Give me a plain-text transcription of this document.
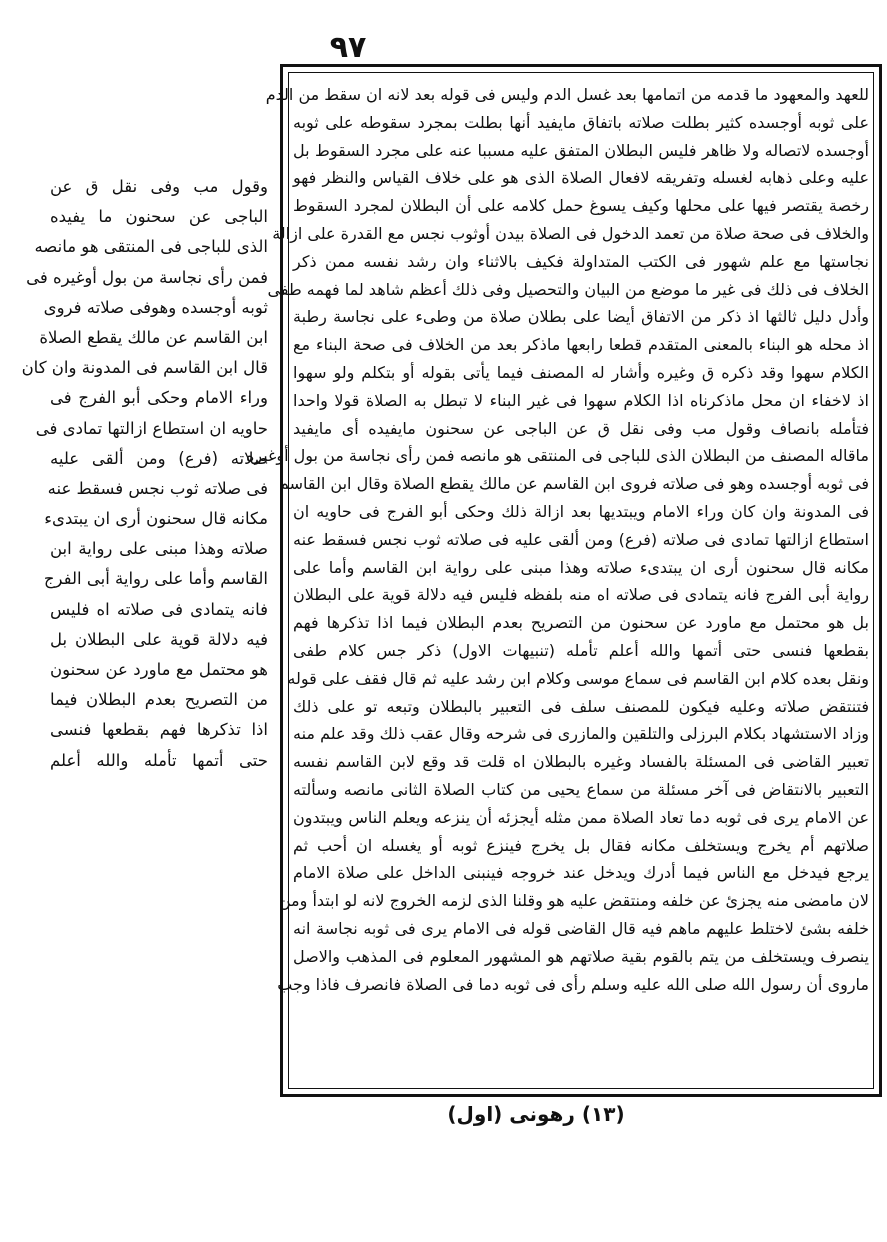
٩٧
وقول مب وفى نقل ق عن
الباجى عن سحنون ما يفيده
الذى للباجى فى المنتقى هو مانصه
فمن رأى نجاسة من بول أوغيره فى
ثوبه أوجسده وهوفى صلاته فروى
ابن القاسم عن مالك يقطع الصلاة
قال ابن القاسم فى المدونة وان كان
وراء الامام وحكى أبو الفرج فى
حاويه ان استطاع ازالتها تمادى فى
صلاته (فرع) ومن ألقى عليه
فى صلاته ثوب نجس فسقط عنه
مكانه قال سحنون أرى ان يبتدىء
صلاته وهذا مبنى على رواية ابن
القاسم وأما على رواية أبى الفرج
فانه يتمادى فى صلاته اه فليس
فيه دلالة قوية على البطلان بل
هو محتمل مع ماورد عن سحنون
من التصريح بعدم البطلان فيما
اذا تذكرها فهم بقطعها فنسى
حتى أتمها تأمله والله أعلم
للعهد والمعهود ما قدمه من اتمامها بعد غسل الدم وليس فى قوله بعد لانه ان سقط من الدم
على ثوبه أوجسده كثير بطلت صلاته باتفاق مايفيد أنها بطلت بمجرد سقوطه على ثوبه
أوجسده لاتصاله ولا ظاهر فليس البطلان المتفق عليه مسببا عنه على مجرد السقوط بل
عليه وعلى ذهابه لغسله وتفريقه لافعال الصلاة الذى هو على خلاف القياس والنظر فهو
رخصة يقتصر فيها على محلها وكيف يسوغ حمل كلامه على أن البطلان لمجرد السقوط
والخلاف فى صحة صلاة من تعمد الدخول فى الصلاة بيدن أوثوب نجس مع القدرة على ازالة
نجاستها مع علم شهور فى الكتب المتداولة فكيف بالاثناء وان رشد نفسه ممن ذكر
الخلاف فى ذلك فى غير ما موضع من البيان والتحصيل وفى ذلك أعظم شاهد لما فهمه طفى
وأدل دليل ثالثها اذ ذكر من الاتفاق أيضا على بطلان صلاة من وطىء على نجاسة رطبة
اذ محله هو البناء بالمعنى المتقدم قطعا رابعها ماذكر بعد من الخلاف فى صحة البناء مع
الكلام سهوا وقد ذكره ق وغيره وأشار له المصنف فيما يأتى بقوله أو بتكلم ولو سهوا
اذ لاخفاء ان محل ماذكرناه اذا الكلام سهوا فى غير البناء لا تبطل به الصلاة قولا واحدا
فتأمله بانصاف وقول مب وفى نقل ق عن الباجى عن سحنون مايفيده أى مايفيد
ماقاله المصنف من البطلان الذى للباجى فى المنتقى هو مانصه فمن رأى نجاسة من بول أوغيره
فى ثوبه أوجسده وهو فى صلاته فروى ابن القاسم عن مالك يقطع الصلاة وقال ابن القاسم
فى المدونة وان كان وراء الامام ويبتديها بعد ازالة ذلك وحكى أبو الفرج فى حاويه ان
استطاع ازالتها تمادى فى صلاته (فرع) ومن ألقى عليه فى صلاته ثوب نجس فسقط عنه
مكانه قال سحنون أرى ان يبتدىء صلاته وهذا مبنى على رواية ابن القاسم وأما على
رواية أبى الفرج فانه يتمادى فى صلاته اه منه بلفظه فليس فيه دلالة قوية على البطلان
بل هو محتمل مع ماورد عن سحنون من التصريح بعدم البطلان فيما اذا تذكرها فهم
بقطعها فنسى حتى أتمها والله أعلم تأمله (تنبيهات الاول) ذكر جس كلام طفى
ونقل بعده كلام ابن القاسم فى سماع موسى وكلام ابن رشد عليه ثم قال فقف على قوله
فتنتقض صلاته وعليه فيكون للمصنف سلف فى التعبير بالبطلان وتبعه تو على ذلك
وزاد الاستشهاد بكلام البرزلى والتلقين والمازرى فى شرحه وقال عقب ذلك وقد علم منه
تعبير القاضى فى المسئلة بالفساد وغيره بالبطلان اه قلت قد وقع لابن القاسم نفسه
التعبير بالانتقاض فى آخر مسئلة من سماع يحيى من كتاب الصلاة الثانى مانصه وسألته
عن الامام يرى فى ثوبه دما تعاد الصلاة ممن مثله أيجزئه أن ينزعه ويعلم الناس ويبتدون
صلاتهم أم يخرج ويستخلف مكانه فقال بل يخرج فينزع ثوبه أو يغسله ان أحب ثم
يرجع فيدخل مع الناس فيما أدرك ويدخل عند خروجه فينبنى الداخل على صلاة الامام
لان مامضى منه يجزئ عن خلفه ومنتقض عليه هو وقلنا الذى لزمه الخروج لانه لو ابتدأ ومن
خلفه بشئ لاختلط عليهم ماهم فيه قال القاضى قوله فى الامام يرى فى ثوبه نجاسة انه
ينصرف ويستخلف من يتم بالقوم بقية صلاتهم هو المشهور المعلوم فى المذهب والاصل
ماروى أن رسول الله صلى الله عليه وسلم رأى فى ثوبه دما فى الصلاة فانصرف فاذا وجب
(١٣) رهونی (اول)
